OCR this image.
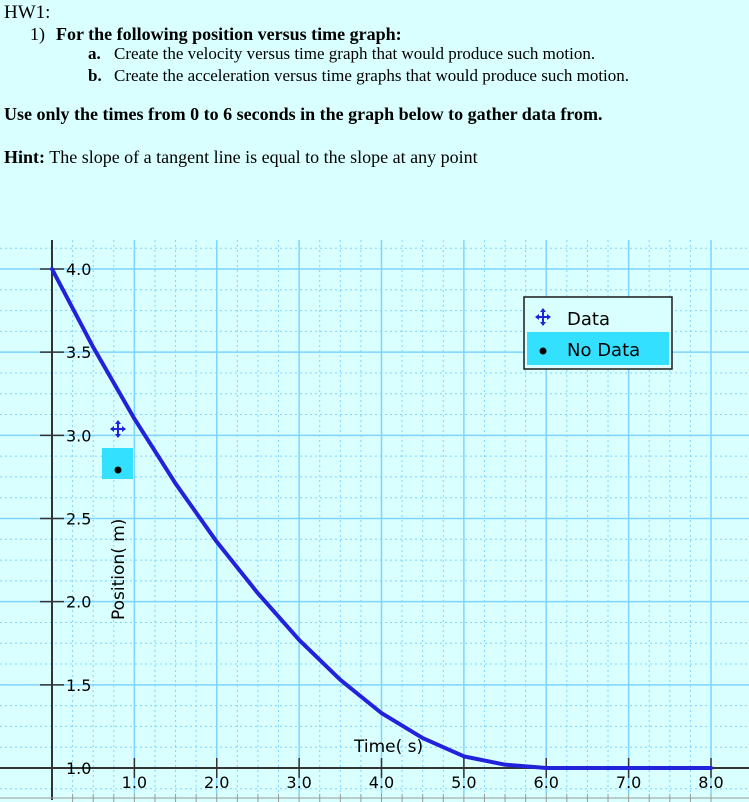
HW1:
1) For the following position versus time graph:
a. Create the velocity versus time graph that would produce such motion.
b. Create the acceleration versus time graphs that would produce such motion.
Use only the times from 0 to 6 seconds in the graph below to gather data from.
Hint: The slope of a tangent line is equal to the slope at any point
1.0
1.5
2.0
2.5
3.0
3.5
4.0
1.0	2.0	3.0	4.0	5.0	6.0	7.0	8.0
Time( s)
Position( m)
Data
No Data
